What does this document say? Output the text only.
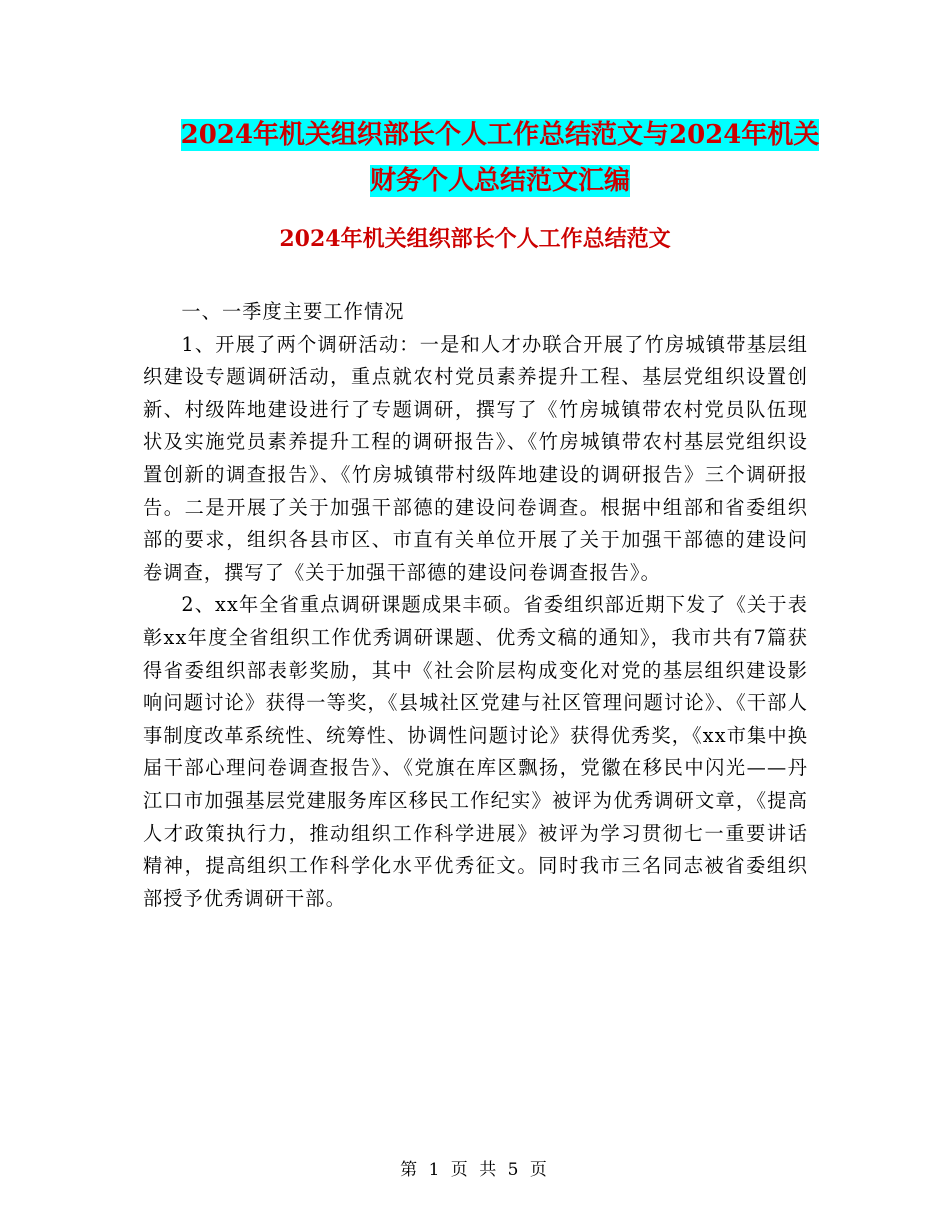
2024年机关组织部长个人工作总结范文与2024年机关
财务个人总结范文汇编
2024年机关组织部长个人工作总结范文

一、一季度主要工作情况

1、开展了两个调研活动：一是和人才办联合开展了竹房城镇带基层组织建设专题调研活动，重点就农村党员素养提升工程、基层党组织设置创新、村级阵地建设进行了专题调研，撰写了《竹房城镇带农村党员队伍现状及实施党员素养提升工程的调研报告》、《竹房城镇带农村基层党组织设置创新的调查报告》、《竹房城镇带村级阵地建设的调研报告》三个调研报告。二是开展了关于加强干部德的建设问卷调查。根据中组部和省委组织部的要求，组织各县市区、市直有关单位开展了关于加强干部德的建设问卷调查，撰写了《关于加强干部德的建设问卷调查报告》。

2、xx年全省重点调研课题成果丰硕。省委组织部近期下发了《关于表彰xx年度全省组织工作优秀调研课题、优秀文稿的通知》，我市共有7篇获得省委组织部表彰奖励，其中《社会阶层构成变化对党的基层组织建设影响问题讨论》获得一等奖，《县城社区党建与社区管理问题讨论》、《干部人事制度改革系统性、统筹性、协调性问题讨论》获得优秀奖，《xx市集中换届干部心理问卷调查报告》、《党旗在库区飘扬，党徽在移民中闪光——丹江口市加强基层党建服务库区移民工作纪实》被评为优秀调研文章，《提高人才政策执行力，推动组织工作科学进展》被评为学习贯彻七一重要讲话精神，提高组织工作科学化水平优秀征文。同时我市三名同志被省委组织部授予优秀调研干部。

第 1 页 共 5 页
